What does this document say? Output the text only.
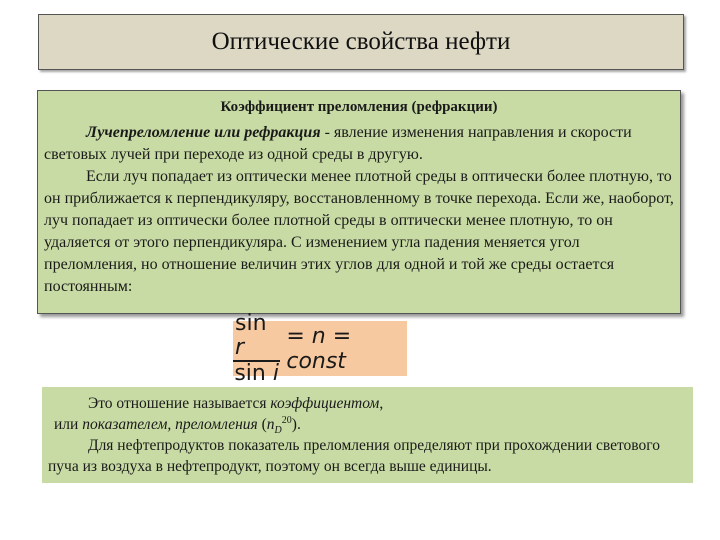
Оптические свойства нефти
Коэффициент преломления (рефракции)

Лучепреломление или рефракция - явление изменения направления и скорости световых лучей при переходе из одной среды в другую.

Если луч попадает из оптически менее плотной среды в оптически более плотную, то он приближается к перпендикуляру, восстановленному в точке перехода. Если же, наоборот, луч попадает из оптически более плотной среды в оптически менее плотную, то он удаляется от этого перпендикуляра. С изменением угла падения меняется угол преломления, но отношение величин этих углов для одной и той же среды остается постоянным:

$\frac{\text{sin r}}{\text{sin i}} = n$ = const

Это отношение называется коэффициентом,

или показателем, преломления $(n_D^{20})$.

Для нефтепродуктов показатель преломления определяют при прохождении светового пуча из воздуха в нефтепродукт, поэтому он всегда выше единицы.
